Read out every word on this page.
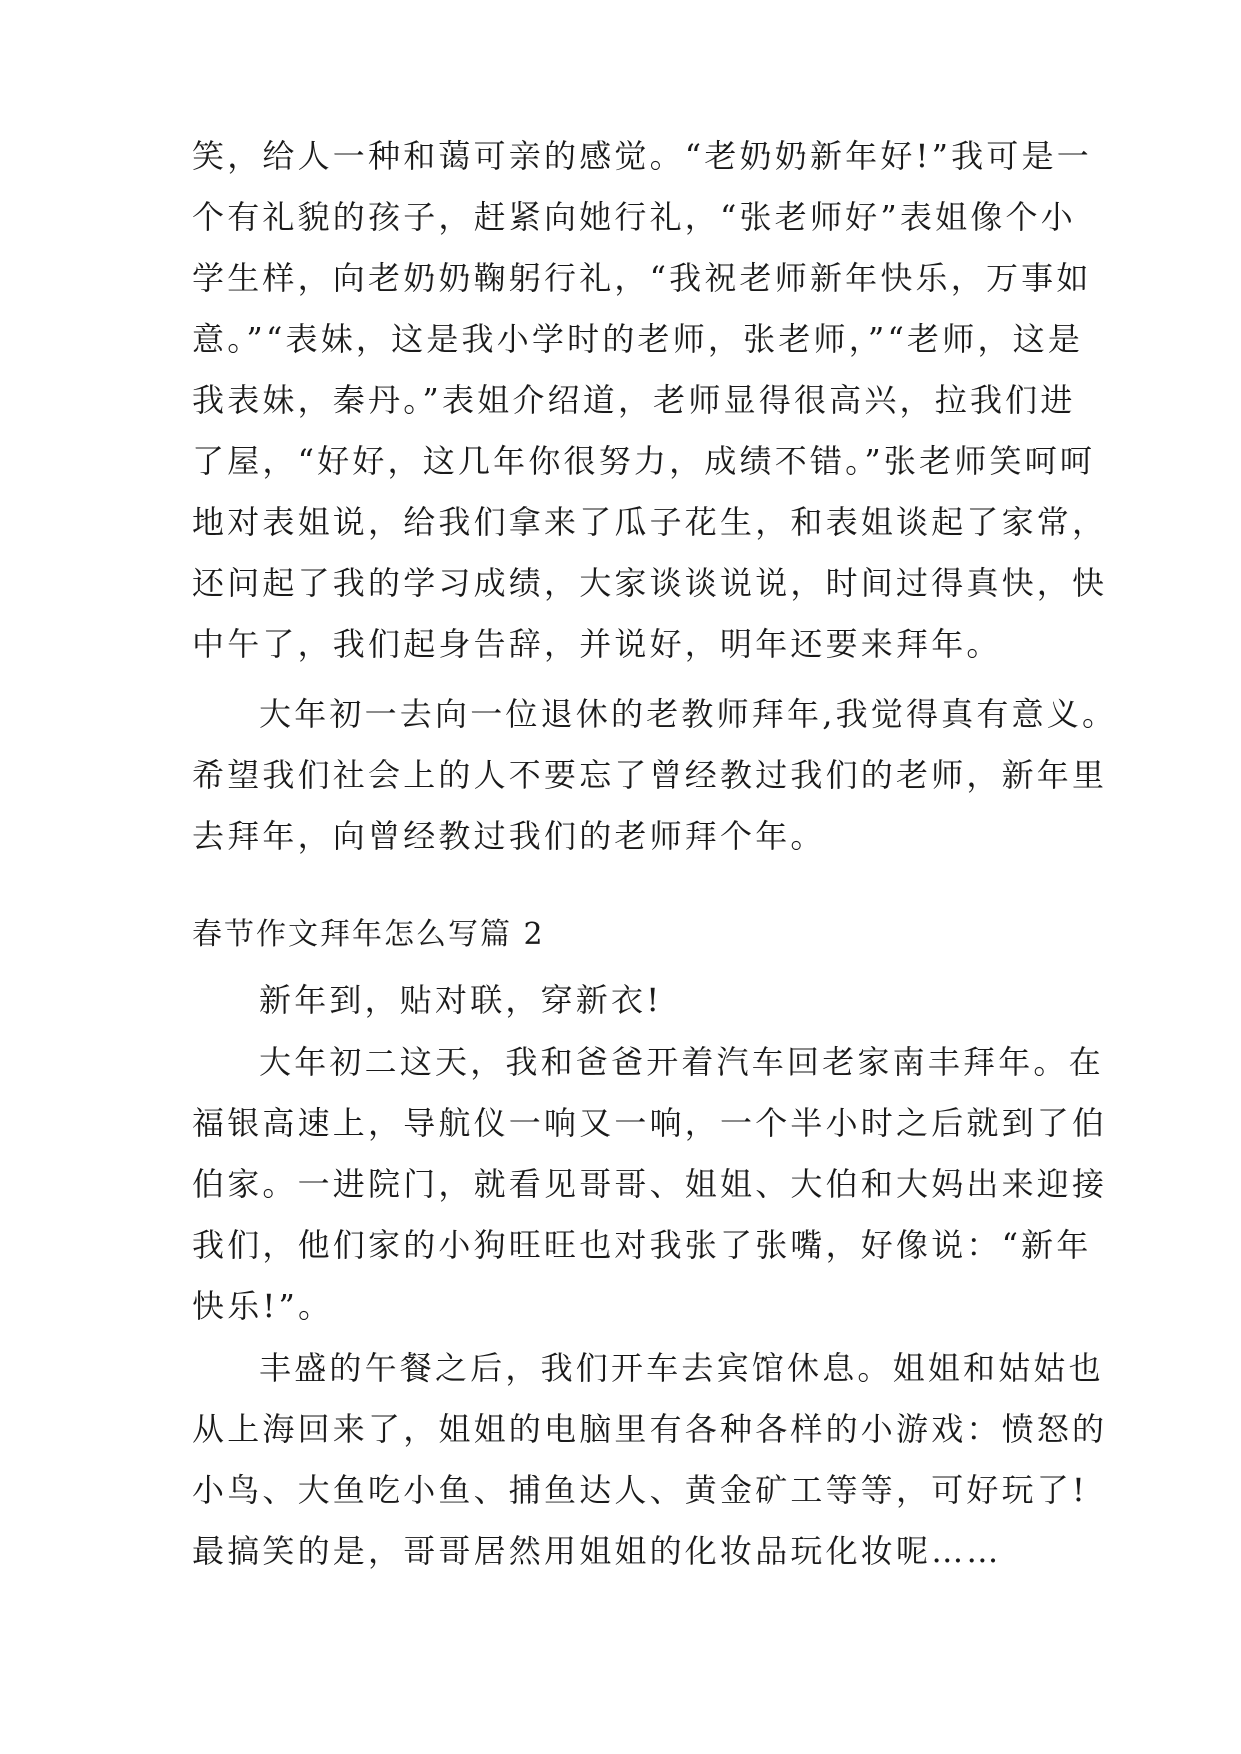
笑，给人一种和蔼可亲的感觉。“老奶奶新年好!”我可是一
个有礼貌的孩子，赶紧向她行礼，“张老师好”表姐像个小
学生样，向老奶奶鞠躬行礼，“我祝老师新年快乐，万事如
意。”“表妹，这是我小学时的老师，张老师，”“老师，这是
我表妹，秦丹。”表姐介绍道，老师显得很高兴，拉我们进
了屋，“好好，这几年你很努力，成绩不错。”张老师笑呵呵
地对表姐说，给我们拿来了瓜子花生，和表姐谈起了家常，
还问起了我的学习成绩，大家谈谈说说，时间过得真快，快
中午了，我们起身告辞，并说好，明年还要来拜年。
大年初一去向一位退休的老教师拜年,我觉得真有意义。
希望我们社会上的人不要忘了曾经教过我们的老师，新年里
去拜年，向曾经教过我们的老师拜个年。
春节作文拜年怎么写篇 2
新年到，贴对联，穿新衣!
大年初二这天，我和爸爸开着汽车回老家南丰拜年。在
福银高速上，导航仪一响又一响，一个半小时之后就到了伯
伯家。一进院门，就看见哥哥、姐姐、大伯和大妈出来迎接
我们，他们家的小狗旺旺也对我张了张嘴，好像说：“新年
快乐!”。
丰盛的午餐之后，我们开车去宾馆休息。姐姐和姑姑也
从上海回来了，姐姐的电脑里有各种各样的小游戏：愤怒的
小鸟、大鱼吃小鱼、捕鱼达人、黄金矿工等等，可好玩了!
最搞笑的是，哥哥居然用姐姐的化妆品玩化妆呢……
